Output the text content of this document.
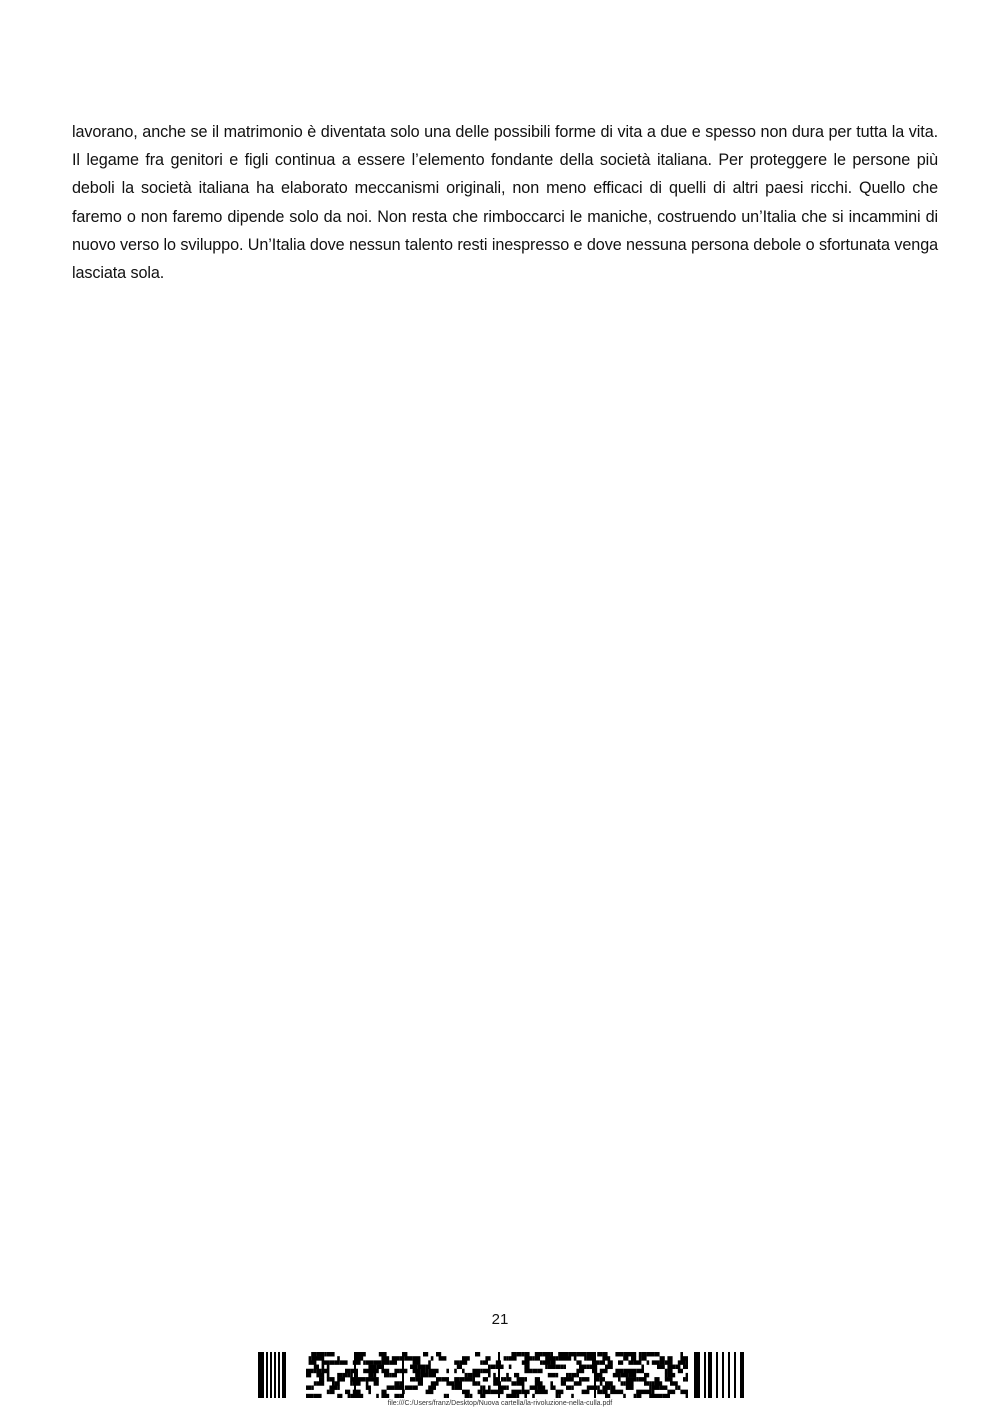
lavorano, anche se il matrimonio è diventata solo una delle possibili forme di vita a due e spesso non dura per tutta la vita. Il legame fra genitori e figli continua a essere l’elemento fondante della società italiana. Per proteggere le persone più deboli la società italiana ha elaborato meccanismi originali, non meno efficaci di quelli di altri paesi ricchi. Quello che faremo o non faremo dipende solo da noi. Non resta che rimboccarci le maniche, costruendo un’Italia che si incammini di nuovo verso lo sviluppo. Un’Italia dove nessun talento resti inespresso e dove nessuna persona debole o sfortunata venga lasciata sola.

21
file:///C:/Users/franz/Desktop/Nuova cartella/la-rivoluzione-nella-culla.pdf
